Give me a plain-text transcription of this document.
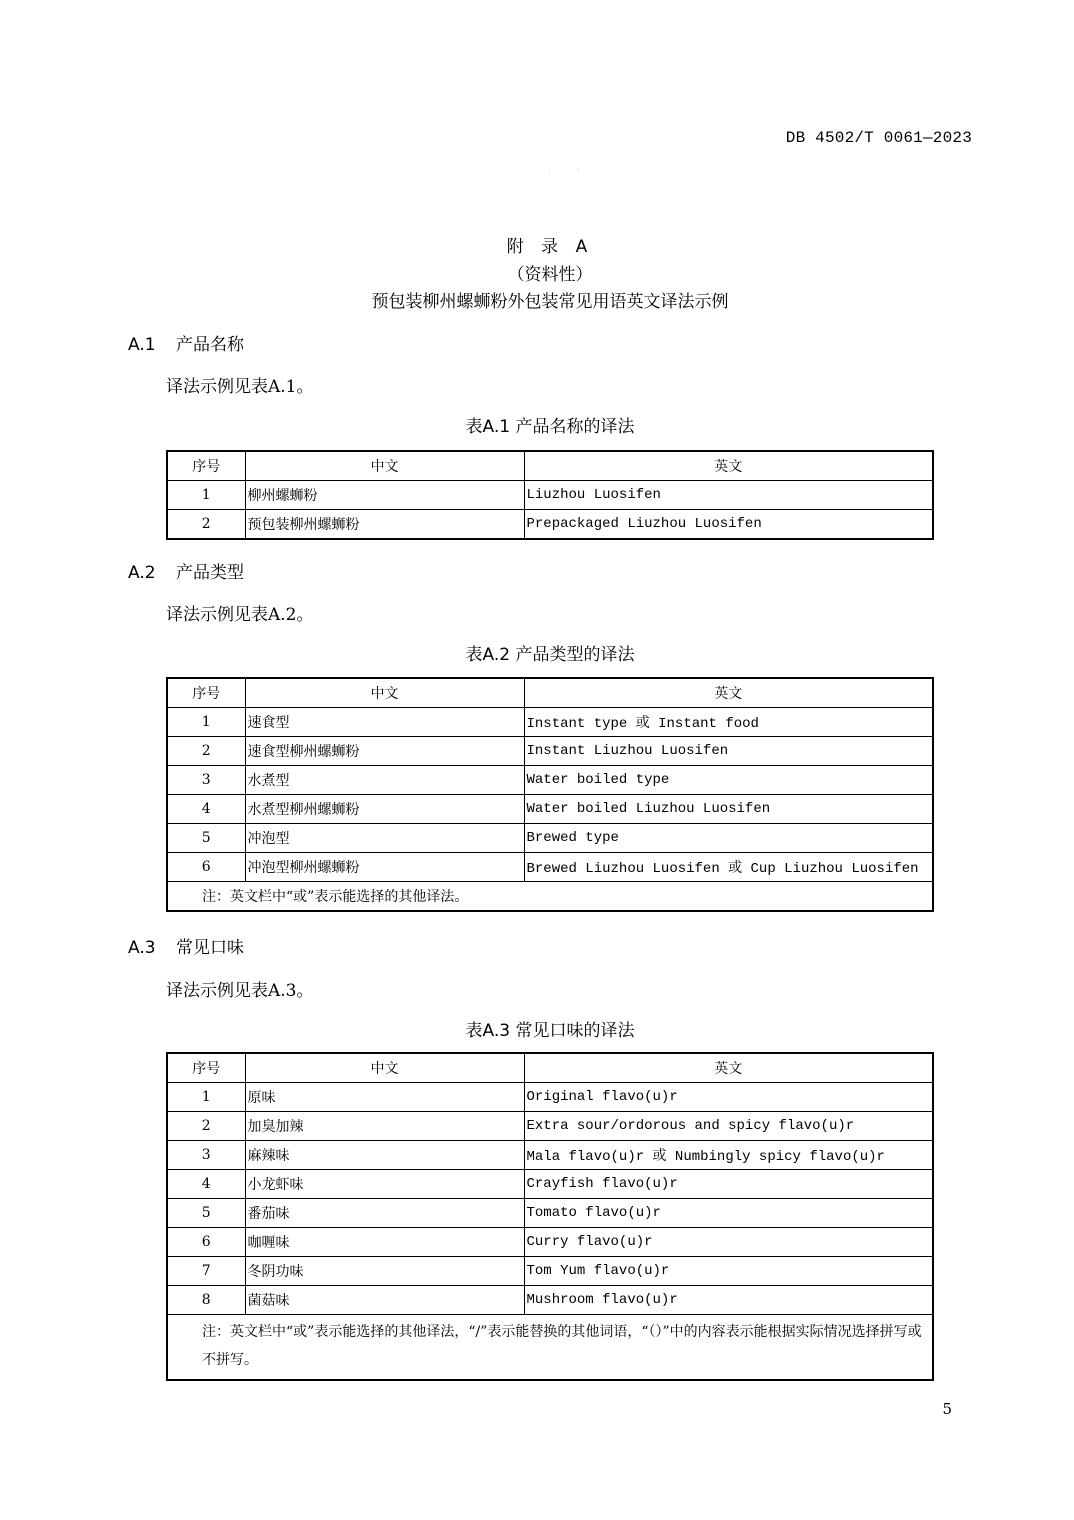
DB 4502/T 0061—2023
· ·
附 录 A
（资料性）
预包装柳州螺蛳粉外包装常见用语英文译法示例
A.1 产品名称
译法示例见表A.1。
表A.1 产品名称的译法
序号	中文	英文
1	柳州螺蛳粉	Liuzhou Luosifen
2	预包装柳州螺蛳粉	Prepackaged Liuzhou Luosifen
A.2 产品类型
译法示例见表A.2。
表A.2 产品类型的译法
序号	中文	英文
1	速食型	Instant type 或 Instant food
2	速食型柳州螺蛳粉	Instant Liuzhou Luosifen
3	水煮型	Water boiled type
4	水煮型柳州螺蛳粉	Water boiled Liuzhou Luosifen
5	冲泡型	Brewed type
6	冲泡型柳州螺蛳粉	Brewed Liuzhou Luosifen 或 Cup Liuzhou Luosifen
注：英文栏中“或”表示能选择的其他译法。		
A.3 常见口味
译法示例见表A.3。
表A.3 常见口味的译法
序号	中文	英文
1	原味	Original flavo(u)r
2	加臭加辣	Extra sour/ordorous and spicy flavo(u)r
3	麻辣味	Mala flavo(u)r 或 Numbingly spicy flavo(u)r
4	小龙虾味	Crayfish flavo(u)r
5	番茄味	Tomato flavo(u)r
6	咖喱味	Curry flavo(u)r
7	冬阴功味	Tom Yum flavo(u)r
8	菌菇味	Mushroom flavo(u)r
注：英文栏中“或”表示能选择的其他译法，“/”表示能替换的其他词语，“（）”中的内容表示能根据实际情况选择拼写或不拼写。		
5
